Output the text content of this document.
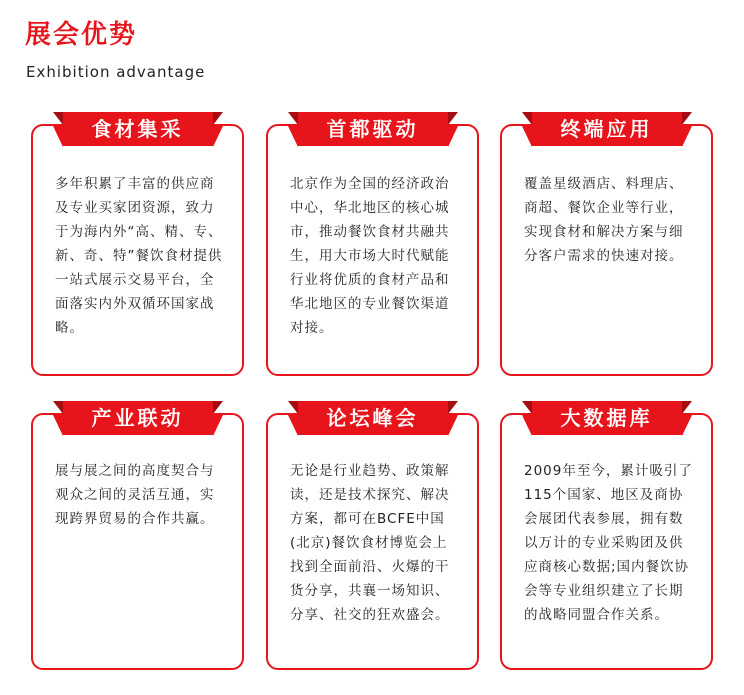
展会优势
Exhibition advantage
食材集采
多年积累了丰富的供应商及专业买家团资源，致力于为海内外“高、精、专、新、奇、特”餐饮食材提供一站式展示交易平台，全面落实内外双循环国家战略。
首都驱动
北京作为全国的经济政治中心，华北地区的核心城市，推动餐饮食材共融共生，用大市场大时代赋能行业将优质的食材产品和华北地区的专业餐饮渠道对接。
终端应用
覆盖星级酒店、料理店、商超、餐饮企业等行业，实现食材和解决方案与细分客户需求的快速对接。
产业联动
展与展之间的高度契合与观众之间的灵活互通，实现跨界贸易的合作共赢。
论坛峰会
无论是行业趋势、政策解读，还是技术探究、解决方案，都可在BCFE中国(北京)餐饮食材博览会上找到全面前沿、火爆的干货分享，共襄一场知识、分享、社交的狂欢盛会。
大数据库
2009年至今，累计吸引了115个国家、地区及商协会展团代表参展，拥有数以万计的专业采购团及供应商核心数据;国内餐饮协会等专业组织建立了长期的战略同盟合作关系。
